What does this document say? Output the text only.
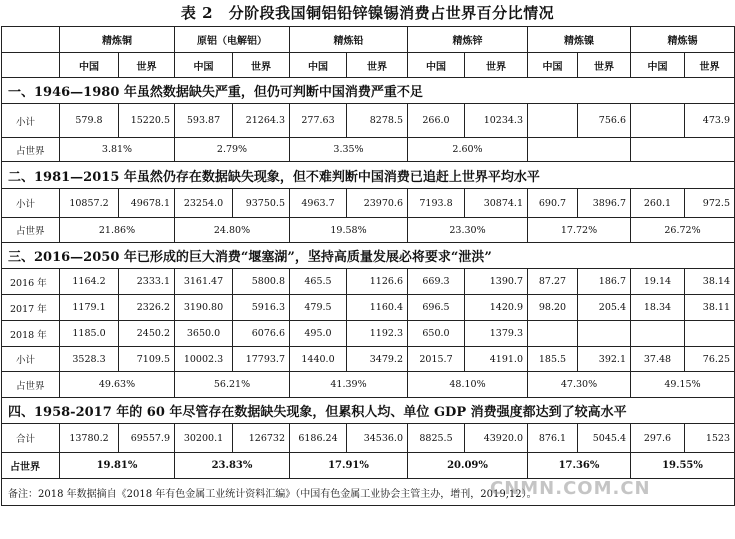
表 2　分阶段我国铜铝铅锌镍锡消费占世界百分比情况
	精炼铜		原铝（电解铝）		精炼铅		精炼锌		精炼镍		精炼锡	
	中国	世界	中国	世界	中国	世界	中国	世界	中国	世界	中国	世界
一、1946—1980 年虽然数据缺失严重，但仍可判断中国消费严重不足												
小计	579.8	15220.5	593.87	21264.3	277.63	8278.5	266.0	10234.3		756.6		473.9
占世界	3.81%		2.79%		3.35%		2.60%					
二、1981—2015 年虽然仍存在数据缺失现象，但不难判断中国消费已追赶上世界平均水平												
小计	10857.2	49678.1	23254.0	93750.5	4963.7	23970.6	7193.8	30874.1	690.7	3896.7	260.1	972.5
占世界	21.86%		24.80%		19.58%		23.30%		17.72%		26.72%	
三、2016—2050 年已形成的巨大消费“堰塞湖”，坚持高质量发展必将要求“泄洪”												
2016 年	1164.2	2333.1	3161.47	5800.8	465.5	1126.6	669.3	1390.7	87.27	186.7	19.14	38.14
2017 年	1179.1	2326.2	3190.80	5916.3	479.5	1160.4	696.5	1420.9	98.20	205.4	18.34	38.11
2018 年	1185.0	2450.2	3650.0	6076.6	495.0	1192.3	650.0	1379.3				
小计	3528.3	7109.5	10002.3	17793.7	1440.0	3479.2	2015.7	4191.0	185.5	392.1	37.48	76.25
占世界	49.63%		56.21%		41.39%		48.10%		47.30%		49.15%	
四、1958-2017 年的 60 年尽管存在数据缺失现象，但累积人均、单位 GDP 消费强度都达到了较高水平												
合计	13780.2	69557.9	30200.1	126732	6186.24	34536.0	8825.5	43920.0	876.1	5045.4	297.6	1523
占世界	19.81%		23.83%		17.91%		20.09%		17.36%		19.55%	
备注：2018 年数据摘自《2018 年有色金属工业统计资料汇编》（中国有色金属工业协会主管主办，增刊，2019,12）。												
CNMN.COM.CN
